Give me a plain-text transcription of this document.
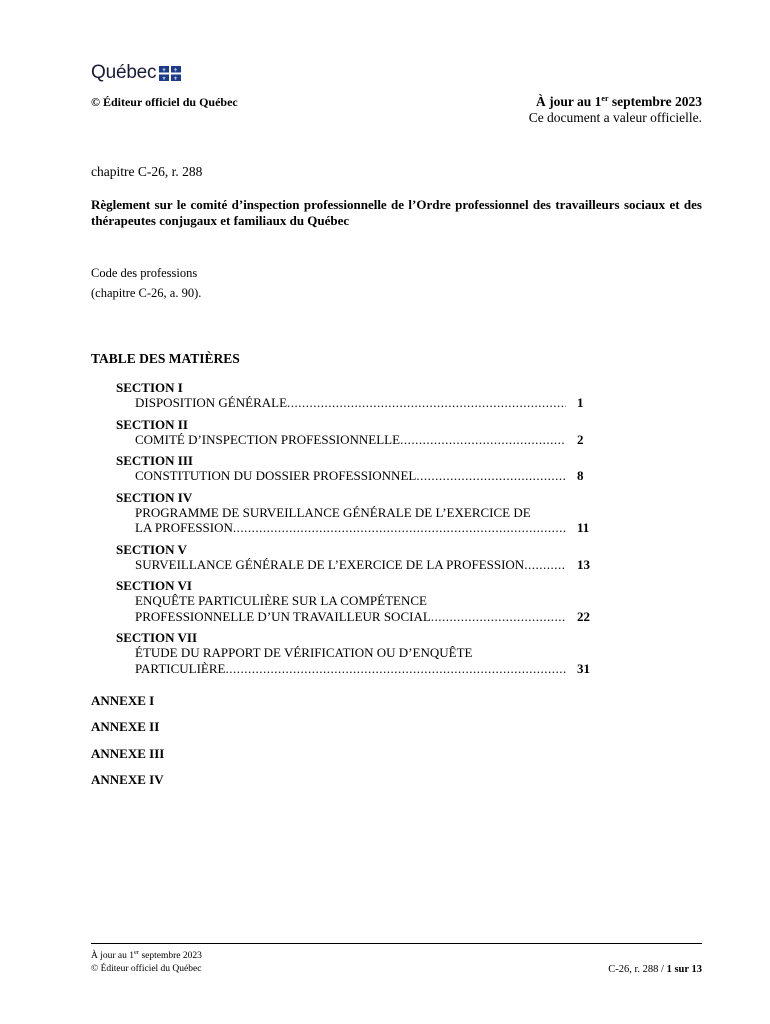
Québec ⚜ ⚜
⚜ ⚜
© Éditeur officiel du Québec	À jour au 1er septembre 2023
Ce document a valeur officielle.
chapitre C-26, r. 288
Règlement sur le comité d’inspection professionnelle de l’Ordre professionnel des travailleurs sociaux et des thérapeutes conjugaux et familiaux du Québec
Code des professions
(chapitre C-26, a. 90).
TABLE DES MATIÈRES
SECTION I
DISPOSITION GÉNÉRALE .....	1
SECTION II
COMITÉ D’INSPECTION PROFESSIONNELLE .....	2
SECTION III
CONSTITUTION DU DOSSIER PROFESSIONNEL .....	8
SECTION IV
PROGRAMME DE SURVEILLANCE GÉNÉRALE DE L’EXERCICE DE
LA PROFESSION .....	11
SECTION V
SURVEILLANCE GÉNÉRALE DE L’EXERCICE DE LA PROFESSION .....	13
SECTION VI
ENQUÊTE PARTICULIÈRE SUR LA COMPÉTENCE
PROFESSIONNELLE D’UN TRAVAILLEUR SOCIAL .....	22
SECTION VII
ÉTUDE DU RAPPORT DE VÉRIFICATION OU D’ENQUÊTE
PARTICULIÈRE .....	31
ANNEXE I
ANNEXE II
ANNEXE III
ANNEXE IV
À jour au 1er septembre 2023
© Éditeur officiel du Québec	C-26, r. 288 / 1 sur 13
